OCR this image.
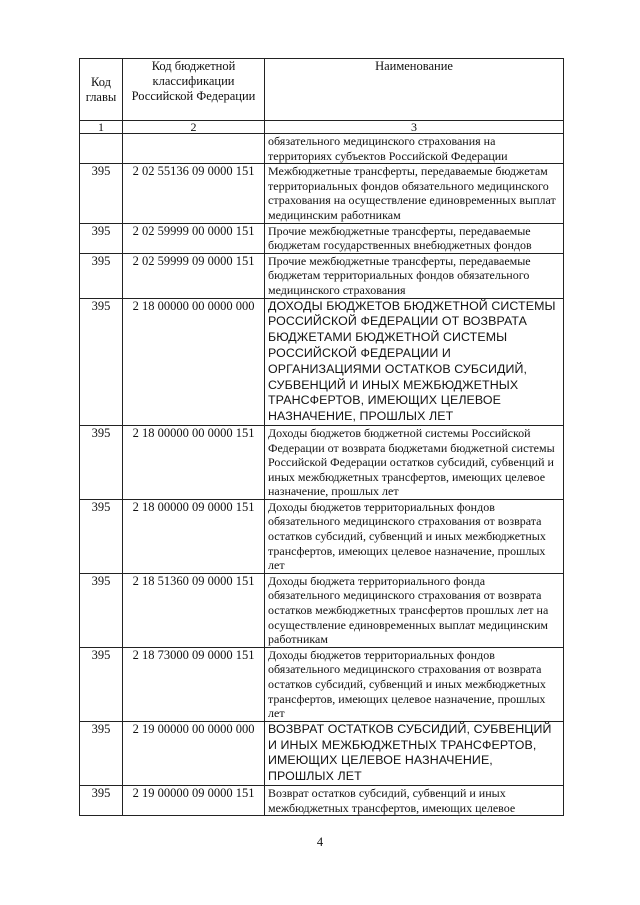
Код главы	Код бюджетной классификации Российской Федерации	Наименование
1	2	3
		обязательного медицинского страхования на территориях субъектов Российской Федерации
395	2 02 55136 09 0000 151	Межбюджетные трансферты, передаваемые бюджетам территориальных фондов обязательного медицинского страхования на осуществление единовременных выплат медицинским работникам
395	2 02 59999 00 0000 151	Прочие межбюджетные трансферты, передаваемые бюджетам государственных внебюджетных фондов
395	2 02 59999 09 0000 151	Прочие межбюджетные трансферты, передаваемые бюджетам территориальных фондов обязательного медицинского страхования
395	2 18 00000 00 0000 000	ДОХОДЫ БЮДЖЕТОВ БЮДЖЕТНОЙ СИСТЕМЫ РОССИЙСКОЙ ФЕДЕРАЦИИ ОТ ВОЗВРАТА БЮДЖЕТАМИ БЮДЖЕТНОЙ СИСТЕМЫ РОССИЙСКОЙ ФЕДЕРАЦИИ И ОРГАНИЗАЦИЯМИ ОСТАТКОВ СУБСИДИЙ, СУБВЕНЦИЙ И ИНЫХ МЕЖБЮДЖЕТНЫХ ТРАНСФЕРТОВ, ИМЕЮЩИХ ЦЕЛЕВОЕ НАЗНАЧЕНИЕ, ПРОШЛЫХ ЛЕТ
395	2 18 00000 00 0000 151	Доходы бюджетов бюджетной системы Российской Федерации от возврата бюджетами бюджетной системы Российской Федерации остатков субсидий, субвенций и иных межбюджетных трансфертов, имеющих целевое назначение, прошлых лет
395	2 18 00000 09 0000 151	Доходы бюджетов территориальных фондов обязательного медицинского страхования от возврата остатков субсидий, субвенций и иных межбюджетных трансфертов, имеющих целевое назначение, прошлых лет
395	2 18 51360 09 0000 151	Доходы бюджета территориального фонда обязательного медицинского страхования от возврата остатков межбюджетных трансфертов прошлых лет на осуществление единовременных выплат медицинским работникам
395	2 18 73000 09 0000 151	Доходы бюджетов территориальных фондов обязательного медицинского страхования от возврата остатков субсидий, субвенций и иных межбюджетных трансфертов, имеющих целевое назначение, прошлых лет
395	2 19 00000 00 0000 000	ВОЗВРАТ ОСТАТКОВ СУБСИДИЙ, СУБВЕНЦИЙ И ИНЫХ МЕЖБЮДЖЕТНЫХ ТРАНСФЕРТОВ, ИМЕЮЩИХ ЦЕЛЕВОЕ НАЗНАЧЕНИЕ, ПРОШЛЫХ ЛЕТ
395	2 19 00000 09 0000 151	Возврат остатков субсидий, субвенций и иных межбюджетных трансфертов, имеющих целевое
4
